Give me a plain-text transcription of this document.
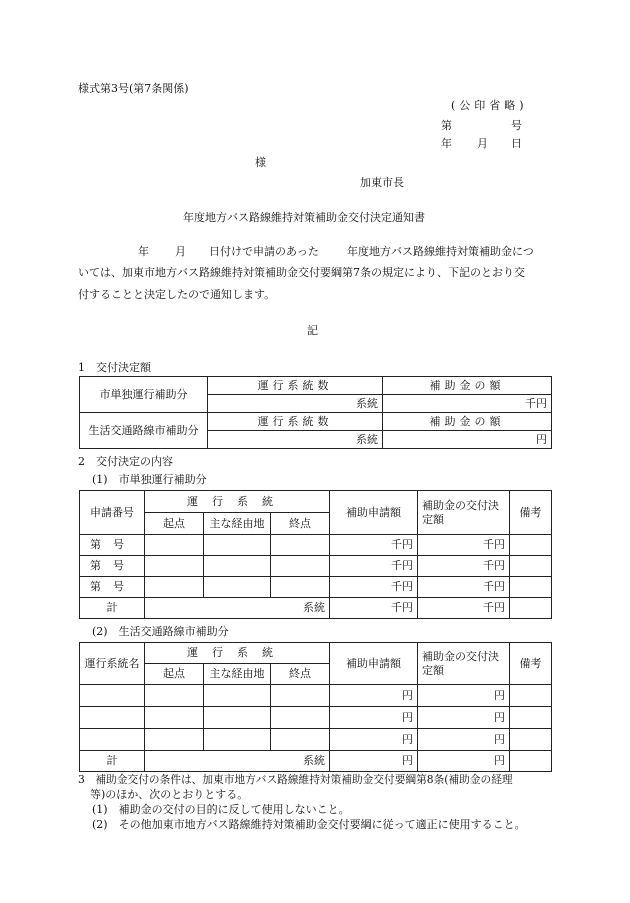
様式第3号(第7条関係)
(公印省略)
第	号
年 月 日
様
加東市長
年度地方バス路線維持対策補助金交付決定通知書
年 月 日付けで申請のあった	年度地方バス路線維持対策補助金につ
いては、加東市地方バス路線維持対策補助金交付要綱第7条の規定により、下記のとおり交
付することと決定したので通知します。
記
1　交付決定額
市単独運行補助分	運行系統数	補助金の額
	系統	千円
生活交通路線市補助分	運行系統数	補助金の額
	系統	円
2　交付決定の内容
(1)　市単独運行補助分
申請番号	運行系統			補助申請額	補助金の交付決
定額	備考
	起点	主な経由地	終点			
第 号				千円	千円	
第 号				千円	千円	
第 号				千円	千円	
計	系統			千円	千円	
(2)　生活交通路線市補助分
運行系統名	運行系統			補助申請額	補助金の交付決
定額	備考
	起点	主な経由地	終点			
				円	円	
				円	円	
				円	円	
計	系統			円	円	
3　補助金交付の条件は、加東市地方バス路線維持対策補助金交付要綱第8条(補助金の経理
等)のほか、次のとおりとする。
(1)　補助金の交付の目的に反して使用しないこと。
(2)　その他加東市地方バス路線維持対策補助金交付要綱に従って適正に使用すること。
